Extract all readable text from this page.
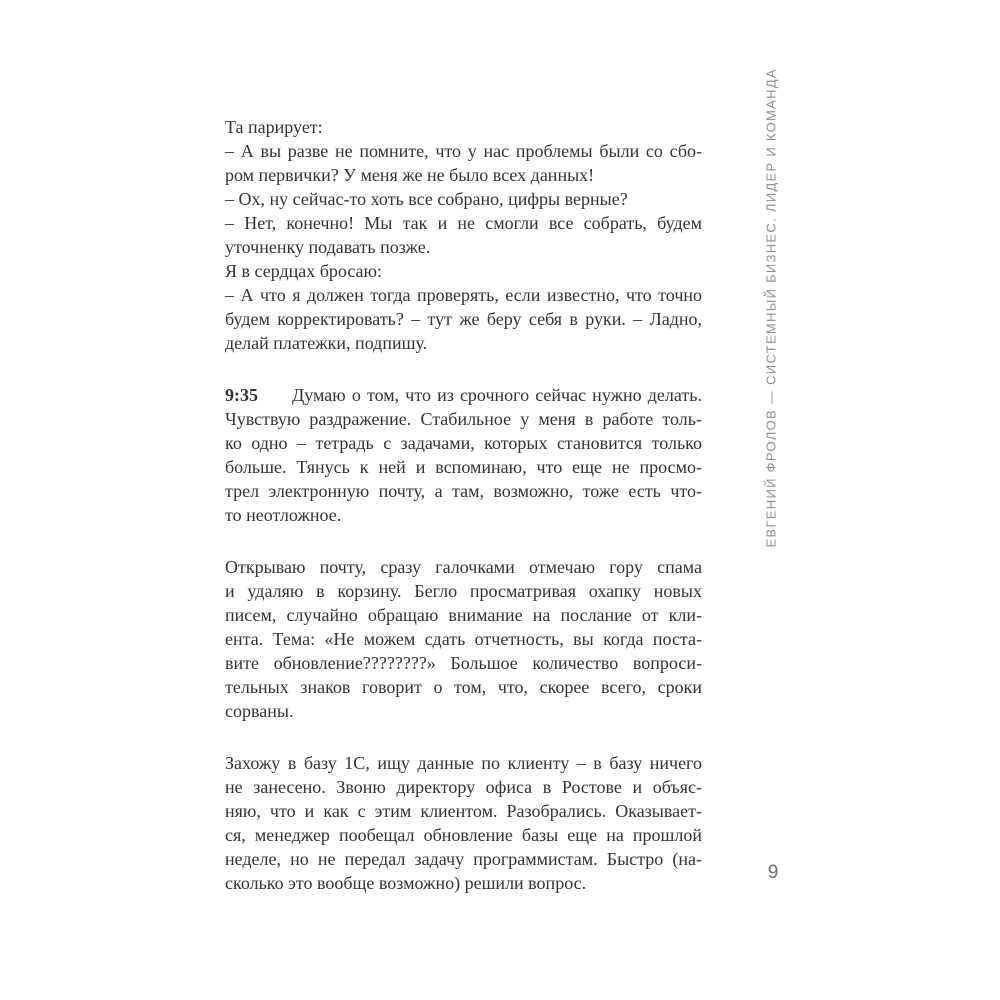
Та парирует:
– А вы разве не помните, что у нас проблемы были со сбо-
ром первички? У меня же не было всех данных!
– Ох, ну сейчас-то хоть все собрано, цифры верные?
– Нет, конечно! Мы так и не смогли все собрать, будем
уточненку подавать позже.
Я в сердцах бросаю:
– А что я должен тогда проверять, если известно, что точно
будем корректировать? – тут же беру себя в руки. – Ладно,
делай платежки, подпишу.
9:35 Думаю о том, что из срочного сейчас нужно делать.
Чувствую раздражение. Стабильное у меня в работе толь-
ко одно – тетрадь с задачами, которых становится только
больше. Тянусь к ней и вспоминаю, что еще не просмо-
трел электронную почту, а там, возможно, тоже есть что-
то неотложное.
Открываю почту, сразу галочками отмечаю гору спама
и удаляю в корзину. Бегло просматривая охапку новых
писем, случайно обращаю внимание на послание от кли-
ента. Тема: «Не можем сдать отчетность, вы когда поста-
вите обновление????????» Большое количество вопроси-
тельных знаков говорит о том, что, скорее всего, сроки
сорваны.
Захожу в базу 1С, ищу данные по клиенту – в базу ничего
не занесено. Звоню директору офиса в Ростове и объяс-
няю, что и как с этим клиентом. Разобрались. Оказывает-
ся, менеджер пообещал обновление базы еще на прошлой
неделе, но не передал задачу программистам. Быстро (на-
сколько это вообще возможно) решили вопрос.
ЕВГЕНИЙ ФРОЛОВ — СИСТЕМНЫЙ БИЗНЕС. ЛИДЕР И КОМАНДА
9
